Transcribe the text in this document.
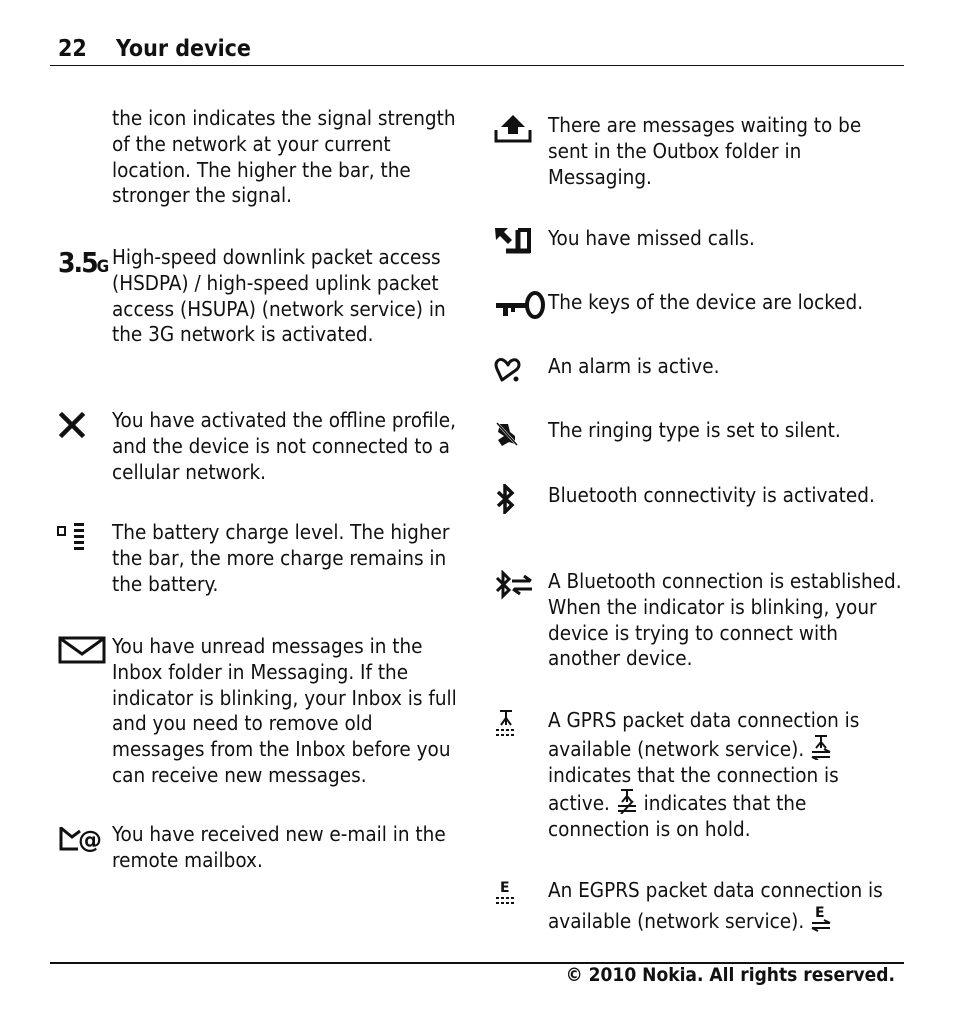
22 Your device
the icon indicates the signal strength of the network at your current location. The higher the bar, the stronger the signal.
3.5G High-speed downlink packet access (HSDPA) / high-speed uplink packet access (HSUPA) (network service) in the 3G network is activated.
You have activated the offline profile, and the device is not connected to a cellular network.
The battery charge level. The higher the bar, the more charge remains in the battery.
You have unread messages in the Inbox folder in Messaging. If the indicator is blinking, your Inbox is full and you need to remove old messages from the Inbox before you can receive new messages.
@ You have received new e-mail in the remote mailbox.
There are messages waiting to be sent in the Outbox folder in Messaging.
You have missed calls.
The keys of the device are locked.
An alarm is active.
The ringing type is set to silent.
Bluetooth connectivity is activated.
A Bluetooth connection is established. When the indicator is blinking, your device is trying to connect with another device.
A GPRS packet data connection is available (network service).  indicates that the connection is active. indicates that the connection is on hold.
E An EGPRS packet data connection is available (network service). E
© 2010 Nokia. All rights reserved.
